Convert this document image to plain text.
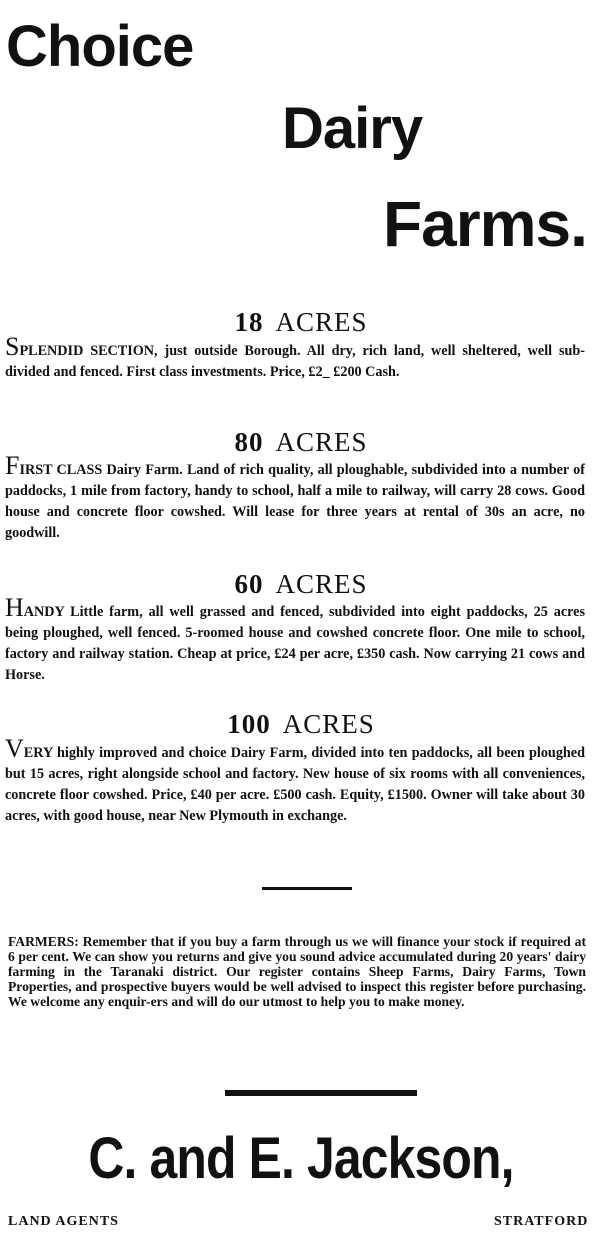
Choice
Dairy
Farms.
18 ACRES
SPLENDID SECTION, just outside Borough. All dry, rich land, well sheltered, well sub-divided and fenced. First class investments. Price, £2_ £200 Cash.
80 ACRES
FIRST CLASS Dairy Farm. Land of rich quality, all ploughable, subdivided into a number of paddocks, 1 mile from factory, handy to school, half a mile to railway, will carry 28 cows. Good house and concrete floor cowshed. Will lease for three years at rental of 30s an acre, no goodwill.
60 ACRES
HANDY Little farm, all well grassed and fenced, subdivided into eight paddocks, 25 acres being ploughed, well fenced. 5-roomed house and cowshed concrete floor. One mile to school, factory and railway station. Cheap at price, £24 per acre, £350 cash. Now carrying 21 cows and Horse.
100 ACRES
VERY highly improved and choice Dairy Farm, divided into ten paddocks, all been ploughed but 15 acres, right alongside school and factory. New house of six rooms with all conveniences, concrete floor cowshed. Price, £40 per acre. £500 cash. Equity, £1500. Owner will take about 30 acres, with good house, near New Plymouth in exchange.
FARMERS: Remember that if you buy a farm through us we will finance your stock if required at 6 per cent. We can show you returns and give you sound advice accumulated during 20 years' dairy farming in the Taranaki district. Our register contains Sheep Farms, Dairy Farms, Town Properties, and prospective buyers would be well advised to inspect this register before purchasing. We welcome any enquir-ers and will do our utmost to help you to make money.
C. and E. Jackson,
LAND AGENTS	STRATFORD
